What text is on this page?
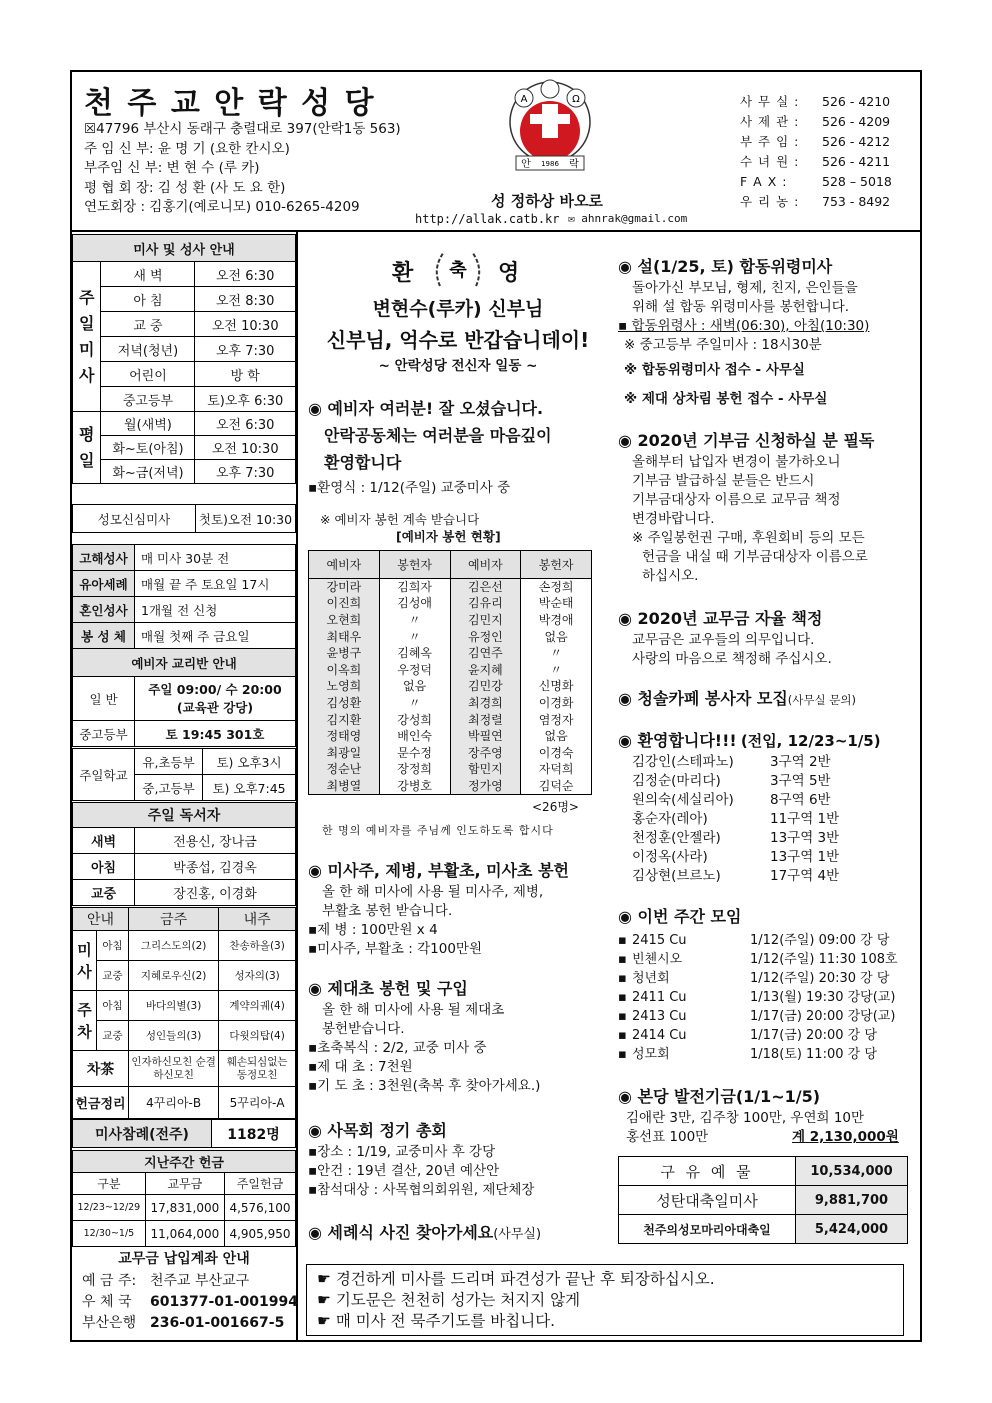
천 주 교 안 락 성 당
☒47796 부산시 동래구 충렬대로 397(안락1동 563)
주 임 신 부: 윤 명 기 (요한 칸시오)
부주임 신 부: 변 현 수 (루 카)
평 협 회 장: 김 성 환 (사 도 요 한)
연도회장 : 김홍기(예로니모) 010-6265-4209
A	Ω
안 1986 락
성 정하상 바오로
http://allak.catb.kr ✉ ahnrak@gmail.com
사 무 실 : 526 - 4210
사 제 관 : 526 - 4209
부 주 임 : 526 - 4212
수 녀 원 : 526 - 4211
F A X :	528 – 5018
우 리 농 : 753 - 8492
미사 및 성사 안내		
주일미사	새 벽	오전 6:30
	아 침	오전 8:30
	교 중	오전 10:30
	저녁(청년)	오후 7:30
	어린이	방 학
	중고등부	토)오후 6:30
평일	월(새벽)	오전 6:30
	화~토(아침)	오전 10:30
	화~금(저녁)	오후 7:30
성모신심미사	첫토)오전 10:30
고해성사	매 미사 30분 전
유아세례	매월 끝 주 토요일 17시
혼인성사	1개월 전 신청
봉 성 체	매월 첫째 주 금요일
예비자 교리반 안내	
일 반	주일 09:00/ 수 20:00
(교육관 강당)

중고등부	토 19:45 301호
주일학교	유,초등부	토) 오후3시
	중,고등부	토) 오후7:45
주일 독서자	
새벽	전용신, 장나금
아침	박종섭, 김경옥
교중	장진홍, 이경화
안내		금주	내주
미사	아침	그리스도의(2)	찬송하올(3)
	교중	지혜로우신(2)	성자의(3)
주차	아침	바다의별(3)	계약의궤(4)
	교중	성인들의(3)	다윗의탑(4)
차茶		인자하신모친 순결하신모친	훼손되심없는 동정모친
헌금정리		4꾸리아-B	5꾸리아-A
미사참례(전주)	1182명
지난주간 헌금		
구분	교무금	주일헌금
12/23~12/29	17,831,000	4,576,100
12/30~1/5	11,064,000	4,905,950
교무금 납입계좌 안내
예 금 주: 천주교 부산교구
우 체 국 601377-01-001994
부산은행 236-01-001667-5
환 축 영
변현수(루카) 신부님
신부님, 억수로 반갑습니데이!
~ 안락성당 전신자 일동 ~
◉ 예비자 여러분! 잘 오셨습니다.
안락공동체는 여러분을 마음깊이
환영합니다
▪환영식 : 1/12(주일) 교중미사 중
※ 예비자 봉헌 계속 받습니다
[예비자 봉헌 현황]
예비자	봉헌자	예비자	봉헌자
강미라	김희자	김은선	손정희
이진희	김성애	김유리	박순태
오현희	〃	김민지	박경애
최태우	〃	유정인	없음
윤병구	김혜옥	김연주	〃
이옥희	우정덕	윤지혜	〃
노영희	없음	김민강	신명화
김성환	〃	최경희	이경화
김지환	강성희	최정렬	염정자
정태영	배인숙	박필연	없음
최광일	문수정	장주영	이경숙
정순난	장정희	함민지	자덕희
최병열	강병호	정가영	김덕순
<26명>
한 명의 예비자를 주님께 인도하도록 합시다
◉ 미사주, 제병, 부활초, 미사초 봉헌
올 한 해 미사에 사용 될 미사주, 제병,
부활초 봉헌 받습니다.
▪제 병 : 100만원 x 4
▪미사주, 부활초 : 각100만원
◉ 제대초 봉헌 및 구입
올 한 해 미사에 사용 될 제대초
봉헌받습니다.
▪초축복식 : 2/2, 교중 미사 중
▪제 대 초 : 7천원
▪기 도 초 : 3천원(축복 후 찾아가세요.)
◉ 사목회 정기 총회
▪장소 : 1/19, 교중미사 후 강당
▪안건 : 19년 결산, 20년 예산안
▪참석대상 : 사목협의회위원, 제단체장
◉ 세례식 사진 찾아가세요(사무실)
◉ 설(1/25, 토) 합동위령미사
돌아가신 부모님, 형제, 친지, 은인들을
위해 설 합동 위령미사를 봉헌합니다.
▪ 합동위령사 : 새벽(06:30), 아침(10:30)
※ 중고등부 주일미사 : 18시30분
※ 합동위령미사 접수 - 사무실
※ 제대 상차림 봉헌 접수 - 사무실
◉ 2020년 기부금 신청하실 분 필독
올해부터 납입자 변경이 불가하오니
기부금 발급하실 분들은 반드시
기부금대상자 이름으로 교무금 책정
변경바랍니다.
※ 주일봉헌권 구매, 후원회비 등의 모든
헌금을 내실 때 기부금대상자 이름으로
하십시오.
◉ 2020년 교무금 자율 책정
교무금은 교우들의 의무입니다.
사랑의 마음으로 책정해 주십시오.
◉ 청솔카페 봉사자 모집(사무실 문의)
◉ 환영합니다!!! (전입, 12/23~1/5)
김강인(스테파노)	3구역 2반
김정순(마리다)	3구역 5반
원의숙(세실리아)	8구역 6반
홍순자(레아)	11구역 1반
천정훈(안젤라)	13구역 3반
이정옥(사라)	13구역 1반
김상현(브르노)	17구역 4반
◉ 이번 주간 모임
▪ 2415 Cu	1/12(주일) 09:00 강 당
▪ 빈첸시오	1/12(주일) 11:30 108호
▪ 청년회	1/12(주일) 20:30 강 당
▪ 2411 Cu	1/13(월) 19:30 강당(교)
▪ 2413 Cu	1/17(금) 20:00 강당(교)
▪ 2414 Cu	1/17(금) 20:00 강 당
▪ 성모회	1/18(토) 11:00 강 당
◉ 본당 발전기금(1/1~1/5)
김애란 3만, 김주창 100만, 우연희 10만
홍선표 100만	계 2,130,000원
구 유 예 물	10,534,000
성탄대축일미사	9,881,700
천주의성모마리아대축일	5,424,000
☛ 경건하게 미사를 드리며 파견성가 끝난 후 퇴장하십시오.
☛ 기도문은 천천히 성가는 처지지 않게
☛ 매 미사 전 묵주기도를 바칩니다.
